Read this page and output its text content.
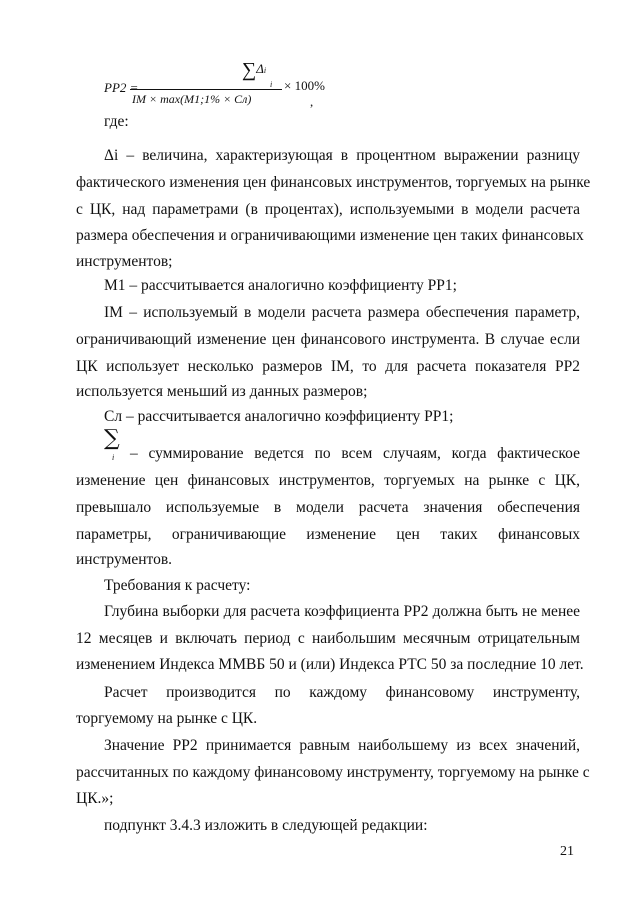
PP2 =
∑Δi
i
IM × max(M1;1% × Cл)
× 100%
,
где:
Δi – величина, характеризующая в процентном выражении разницу
фактического изменения цен финансовых инструментов, торгуемых на рынке
с ЦК, над параметрами (в процентах), используемыми в модели расчета
размера обеспечения и ограничивающими изменение цен таких финансовых
инструментов;
М1 – рассчитывается аналогично коэффициенту PP1;
IM – используемый в модели расчета размера обеспечения параметр,
ограничивающий изменение цен финансового инструмента. В случае если
ЦК использует несколько размеров IM, то для расчета показателя PP2
используется меньший из данных размеров;
Сл – рассчитывается аналогично коэффициенту PP1;
∑
i – суммирование ведется по всем случаям, когда фактическое
изменение цен финансовых инструментов, торгуемых на рынке с ЦК,
превышало используемые в модели расчета значения обеспечения
параметры, ограничивающие изменение цен таких финансовых
инструментов.
Требования к расчету:
Глубина выборки для расчета коэффициента PP2 должна быть не менее
12 месяцев и включать период с наибольшим месячным отрицательным
изменением Индекса ММВБ 50 и (или) Индекса РТС 50 за последние 10 лет.
Расчет производится по каждому финансовому инструменту,
торгуемому на рынке с ЦК.
Значение PP2 принимается равным наибольшему из всех значений,
рассчитанных по каждому финансовому инструменту, торгуемому на рынке с
ЦК.»;
подпункт 3.4.3 изложить в следующей редакции:
21
